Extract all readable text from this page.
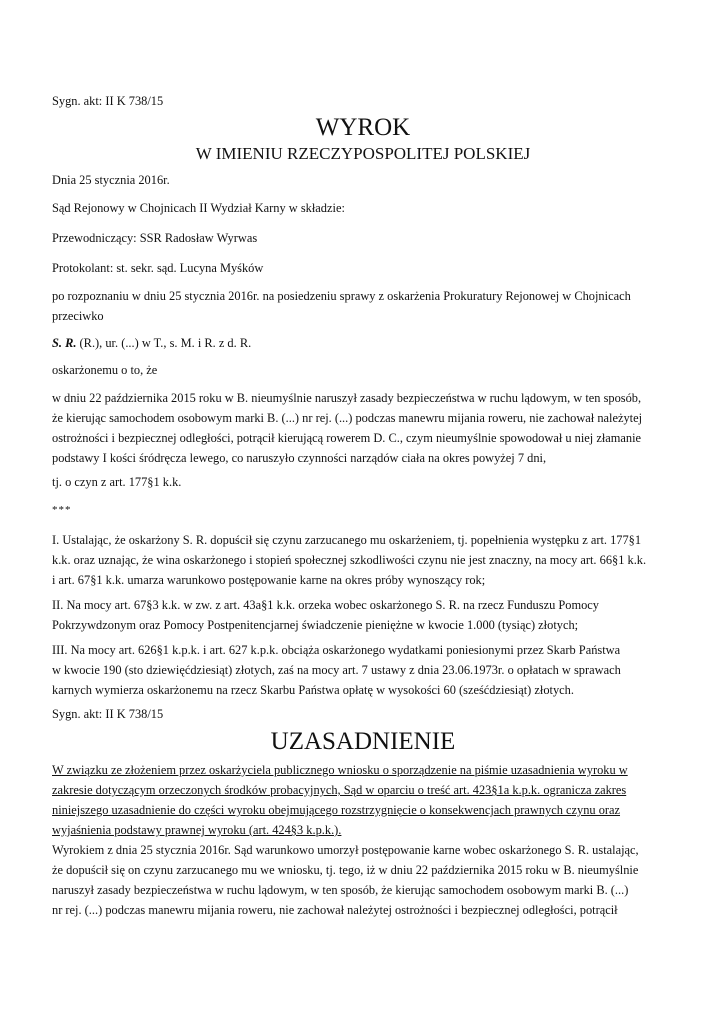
Sygn. akt: II K 738/15

WYROK

W IMIENIU RZECZYPOSPOLITEJ POLSKIEJ

Dnia 25 stycznia 2016r.

Sąd Rejonowy w Chojnicach II Wydział Karny w składzie:

Przewodniczący: SSR Radosław Wyrwas

Protokolant: st. sekr. sąd. Lucyna Myśków

po rozpoznaniu w dniu 25 stycznia 2016r. na posiedzeniu sprawy z oskarżenia Prokuratury Rejonowej w Chojnicach
przeciwko

S. R. (R.), ur. (...) w T., s. M. i R. z d. R.

oskarżonemu o to, że

w dniu 22 października 2015 roku w B. nieumyślnie naruszył zasady bezpieczeństwa w ruchu lądowym, w ten sposób,
że kierując samochodem osobowym marki B. (...) nr rej. (...) podczas manewru mijania roweru, nie zachował należytej
ostrożności i bezpiecznej odległości, potrącił kierującą rowerem D. C., czym nieumyślnie spowodował u niej złamanie
podstawy I kości śródręcza lewego, co naruszyło czynności narządów ciała na okres powyżej 7 dni,

tj. o czyn z art. 177§1 k.k.

***

I. Ustalając, że oskarżony S. R. dopuścił się czynu zarzucanego mu oskarżeniem, tj. popełnienia występku z art. 177§1
k.k. oraz uznając, że wina oskarżonego i stopień społecznej szkodliwości czynu nie jest znaczny, na mocy art. 66§1 k.k.
i art. 67§1 k.k. umarza warunkowo postępowanie karne na okres próby wynoszący rok;
II. Na mocy art. 67§3 k.k. w zw. z art. 43a§1 k.k. orzeka wobec oskarżonego S. R. na rzecz Funduszu Pomocy
Pokrzywdzonym oraz Pomocy Postpenitencjarnej świadczenie pieniężne w kwocie 1.000 (tysiąc) złotych;
III. Na mocy art. 626§1 k.p.k. i art. 627 k.p.k. obciąża oskarżonego wydatkami poniesionymi przez Skarb Państwa
w kwocie 190 (sto dziewięćdziesiąt) złotych, zaś na mocy art. 7 ustawy z dnia 23.06.1973r. o opłatach w sprawach
karnych wymierza oskarżonemu na rzecz Skarbu Państwa opłatę w wysokości 60 (sześćdziesiąt) złotych.

Sygn. akt: II K 738/15

UZASADNIENIE

W związku ze złożeniem przez oskarżyciela publicznego wniosku o sporządzenie na piśmie uzasadnienia wyroku w
zakresie dotyczącym orzeczonych środków probacyjnych, Sąd w oparciu o treść art. 423§1a k.p.k. ogranicza zakres
niniejszego uzasadnienie do części wyroku obejmującego rozstrzygnięcie o konsekwencjach prawnych czynu oraz
wyjaśnienia podstawy prawnej wyroku (art. 424§3 k.p.k.).
Wyrokiem z dnia 25 stycznia 2016r. Sąd warunkowo umorzył postępowanie karne wobec oskarżonego S. R. ustalając,
że dopuścił się on czynu zarzucanego mu we wniosku, tj. tego, iż w dniu 22 października 2015 roku w B. nieumyślnie
naruszył zasady bezpieczeństwa w ruchu lądowym, w ten sposób, że kierując samochodem osobowym marki B. (...)
nr rej. (...) podczas manewru mijania roweru, nie zachował należytej ostrożności i bezpiecznej odległości, potrącił
